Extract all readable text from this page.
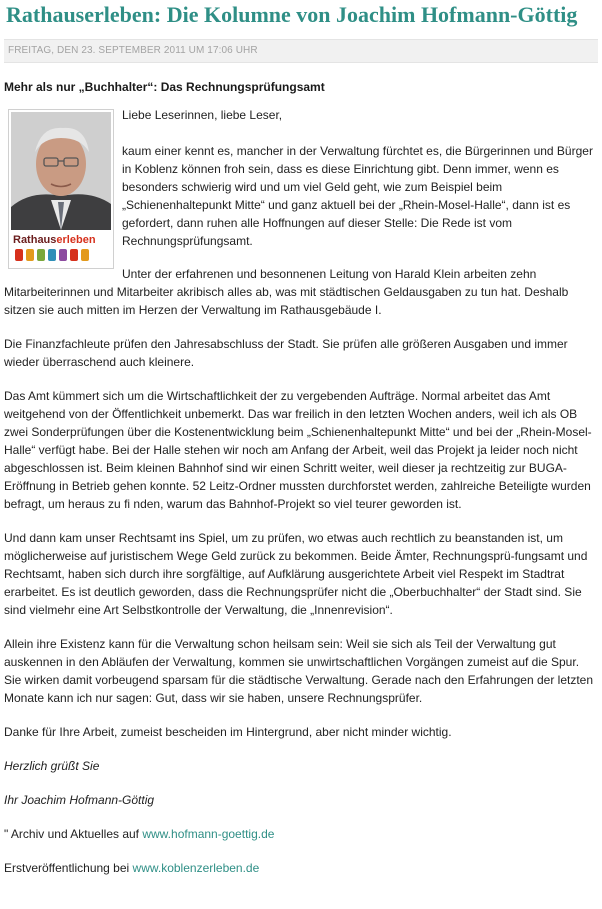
Rathauserleben: Die Kolumne von Joachim Hofmann-Göttig
FREITAG, DEN 23. SEPTEMBER 2011 UM 17:06 UHR
Mehr als nur „Buchhalter“: Das Rechnungsprüfungsamt
Rathauserleben

Liebe Leserinnen, liebe Leser,

kaum einer kennt es, mancher in der Verwaltung fürchtet es, die Bürgerinnen und Bürger in Koblenz können froh sein, dass es diese Einrichtung gibt. Denn immer, wenn es besonders schwierig wird und um viel Geld geht, wie zum Beispiel beim „Schienenhaltepunkt Mitte“ und ganz aktuell bei der „Rhein-Mosel-Halle“, dann ist es gefordert, dann ruhen alle Hoffnungen auf dieser Stelle: Die Rede ist vom Rechnungsprüfungsamt.

Unter der erfahrenen und besonnenen Leitung von Harald Klein arbeiten zehn Mitarbeiterinnen und Mitarbeiter akribisch alles ab, was mit städtischen Geldausgaben zu tun hat. Deshalb sitzen sie auch mitten im Herzen der Verwaltung im Rathausgebäude I.

Die Finanzfachleute prüfen den Jahresabschluss der Stadt. Sie prüfen alle größeren Ausgaben und immer wieder überraschend auch kleinere.

Das Amt kümmert sich um die Wirtschaftlichkeit der zu vergebenden Aufträge. Normal arbeitet das Amt weitgehend von der Öffentlichkeit unbemerkt. Das war freilich in den letzten Wochen anders, weil ich als OB zwei Sonderprüfungen über die Kostenentwicklung beim „Schienenhaltepunkt Mitte“ und bei der „Rhein-Mosel-Halle“ verfügt habe. Bei der Halle stehen wir noch am Anfang der Arbeit, weil das Projekt ja leider noch nicht abgeschlossen ist. Beim kleinen Bahnhof sind wir einen Schritt weiter, weil dieser ja rechtzeitig zur BUGA-Eröffnung in Betrieb gehen konnte. 52 Leitz-Ordner mussten durchforstet werden, zahlreiche Beteiligte wurden befragt, um heraus zu fi nden, warum das Bahnhof-Projekt so viel teurer geworden ist.

Und dann kam unser Rechtsamt ins Spiel, um zu prüfen, wo etwas auch rechtlich zu beanstanden ist, um möglicherweise auf juristischem Wege Geld zurück zu bekommen. Beide Ämter, Rechnungsprü-fungsamt und Rechtsamt, haben sich durch ihre sorgfältige, auf Aufklärung ausgerichtete Arbeit viel Respekt im Stadtrat erarbeitet. Es ist deutlich geworden, dass die Rechnungsprüfer nicht die „Oberbuchhalter“ der Stadt sind. Sie sind vielmehr eine Art Selbstkontrolle der Verwaltung, die „Innenrevision“.

Allein ihre Existenz kann für die Verwaltung schon heilsam sein: Weil sie sich als Teil der Verwaltung gut auskennen in den Abläufen der Verwaltung, kommen sie unwirtschaftlichen Vorgängen zumeist auf die Spur. Sie wirken damit vorbeugend sparsam für die städtische Verwaltung. Gerade nach den Erfahrungen der letzten Monate kann ich nur sagen: Gut, dass wir sie haben, unsere Rechnungsprüfer.

Danke für Ihre Arbeit, zumeist bescheiden im Hintergrund, aber nicht minder wichtig.

Herzlich grüßt Sie

Ihr Joachim Hofmann-Göttig

" Archiv und Aktuelles auf www.hofmann-goettig.de

Erstveröffentlichung bei www.koblenzerleben.de
